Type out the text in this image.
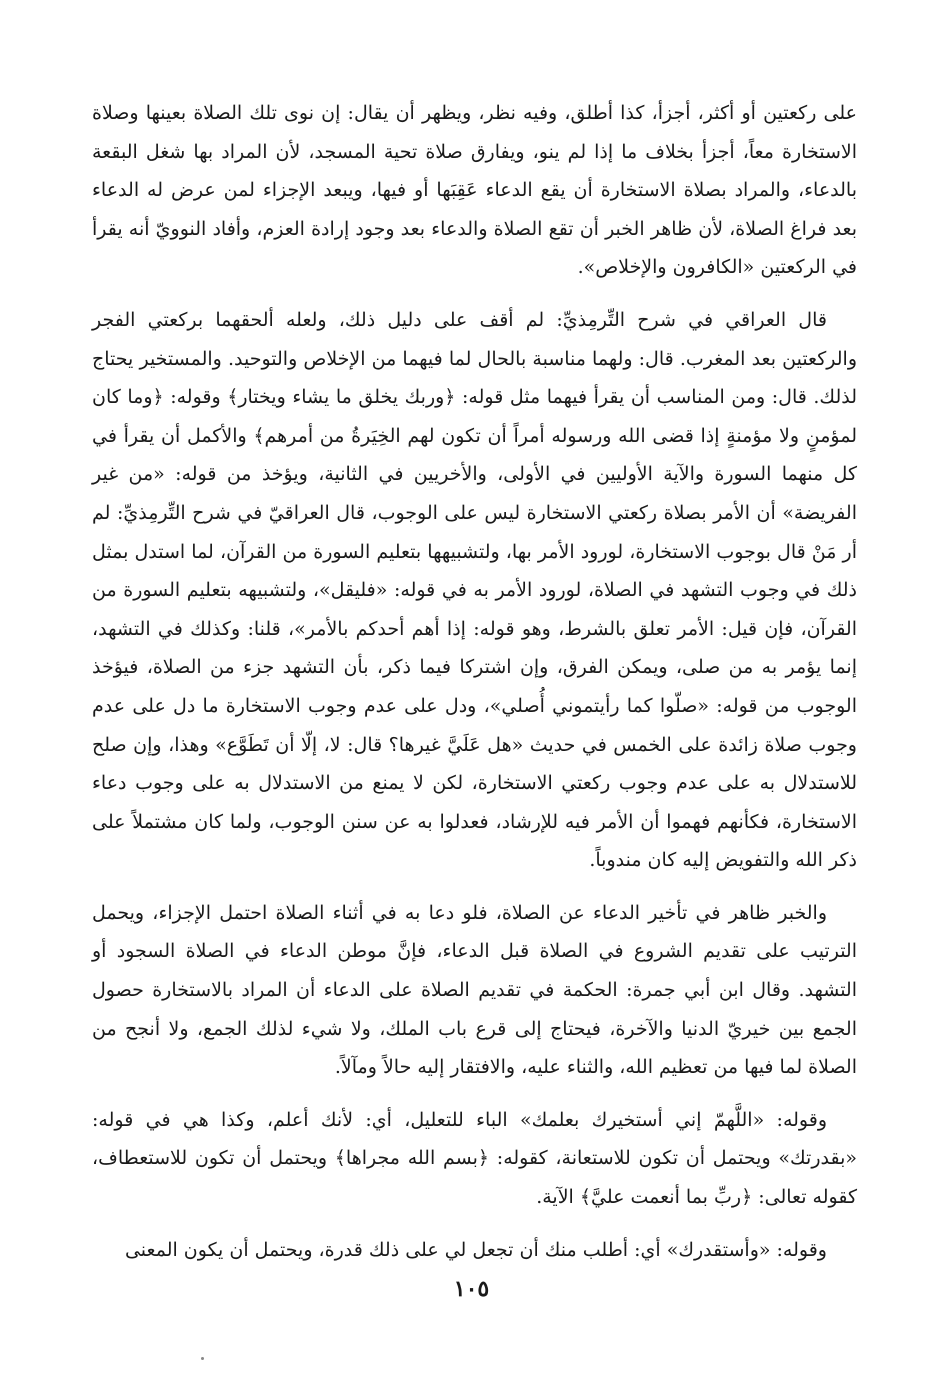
على ركعتين أو أكثر، أجزأ، كذا أطلق، وفيه نظر، ويظهر أن يقال: إن نوى تلك الصلاة بعينها وصلاة الاستخارة معاً، أجزأ بخلاف ما إذا لم ينو، ويفارق صلاة تحية المسجد، لأن المراد بها شغل البقعة بالدعاء، والمراد بصلاة الاستخارة أن يقع الدعاء عَقِبَها أو فيها، ويبعد الإجزاء لمن عرض له الدعاء بعد فراغ الصلاة، لأن ظاهر الخبر أن تقع الصلاة والدعاء بعد وجود إرادة العزم، وأفاد النوويّ أنه يقرأ في الركعتين «الكافرون والإخلاص».

قال العراقي في شرح التِّرمِذيِّ: لم أقف على دليل ذلك، ولعله ألحقهما بركعتي الفجر والركعتين بعد المغرب. قال: ولهما مناسبة بالحال لما فيهما من الإخلاص والتوحيد. والمستخير يحتاج لذلك. قال: ومن المناسب أن يقرأ فيهما مثل قوله: ﴿وربك يخلق ما يشاء ويختار﴾ وقوله: ﴿وما كان لمؤمنٍ ولا مؤمنةٍ إذا قضى الله ورسوله أمراً أن تكون لهم الخِيَرةُ من أمرهم﴾ والأكمل أن يقرأ في كل منهما السورة والآية الأوليين في الأولى، والأخريين في الثانية، ويؤخذ من قوله: «من غير الفريضة» أن الأمر بصلاة ركعتي الاستخارة ليس على الوجوب، قال العراقيّ في شرح التِّرمِذيِّ: لم أر مَنْ قال بوجوب الاستخارة، لورود الأمر بها، ولتشبيهها بتعليم السورة من القرآن، لما استدل بمثل ذلك في وجوب التشهد في الصلاة، لورود الأمر به في قوله: «فليقل»، ولتشبيهه بتعليم السورة من القرآن، فإن قيل: الأمر تعلق بالشرط، وهو قوله: إذا أهم أحدكم بالأمر»، قلنا: وكذلك في التشهد، إنما يؤمر به من صلى، ويمكن الفرق، وإن اشتركا فيما ذكر، بأن التشهد جزء من الصلاة، فيؤخذ الوجوب من قوله: «صلّوا كما رأيتموني أُصلي»، ودل على عدم وجوب الاستخارة ما دل على عدم وجوب صلاة زائدة على الخمس في حديث «هل عَلَيَّ غيرها؟ قال: لا، إلّا أن تَطَوَّع» وهذا، وإن صلح للاستدلال به على عدم وجوب ركعتي الاستخارة، لكن لا يمنع من الاستدلال به على وجوب دعاء الاستخارة، فكأنهم فهموا أن الأمر فيه للإرشاد، فعدلوا به عن سنن الوجوب، ولما كان مشتملاً على ذكر الله والتفويض إليه كان مندوباً.

والخبر ظاهر في تأخير الدعاء عن الصلاة، فلو دعا به في أثناء الصلاة احتمل الإجزاء، ويحمل الترتيب على تقديم الشروع في الصلاة قبل الدعاء، فإنَّ موطن الدعاء في الصلاة السجود أو التشهد. وقال ابن أبي جمرة: الحكمة في تقديم الصلاة على الدعاء أن المراد بالاستخارة حصول الجمع بين خيريّ الدنيا والآخرة، فيحتاج إلى قرع باب الملك، ولا شيء لذلك الجمع، ولا أنجح من الصلاة لما فيها من تعظيم الله، والثناء عليه، والافتقار إليه حالاً ومآلاً.

وقوله: «اللَّهمّ إني أستخيرك بعلمك» الباء للتعليل، أي: لأنك أعلم، وكذا هي في قوله: «بقدرتك» ويحتمل أن تكون للاستعانة، كقوله: ﴿بسم الله مجراها﴾ ويحتمل أن تكون للاستعطاف، كقوله تعالى: ﴿ربِّ بما أنعمت عليَّ﴾ الآية.

وقوله: «وأستقدرك» أي: أطلب منك أن تجعل لي على ذلك قدرة، ويحتمل أن يكون المعنى

١٠٥
